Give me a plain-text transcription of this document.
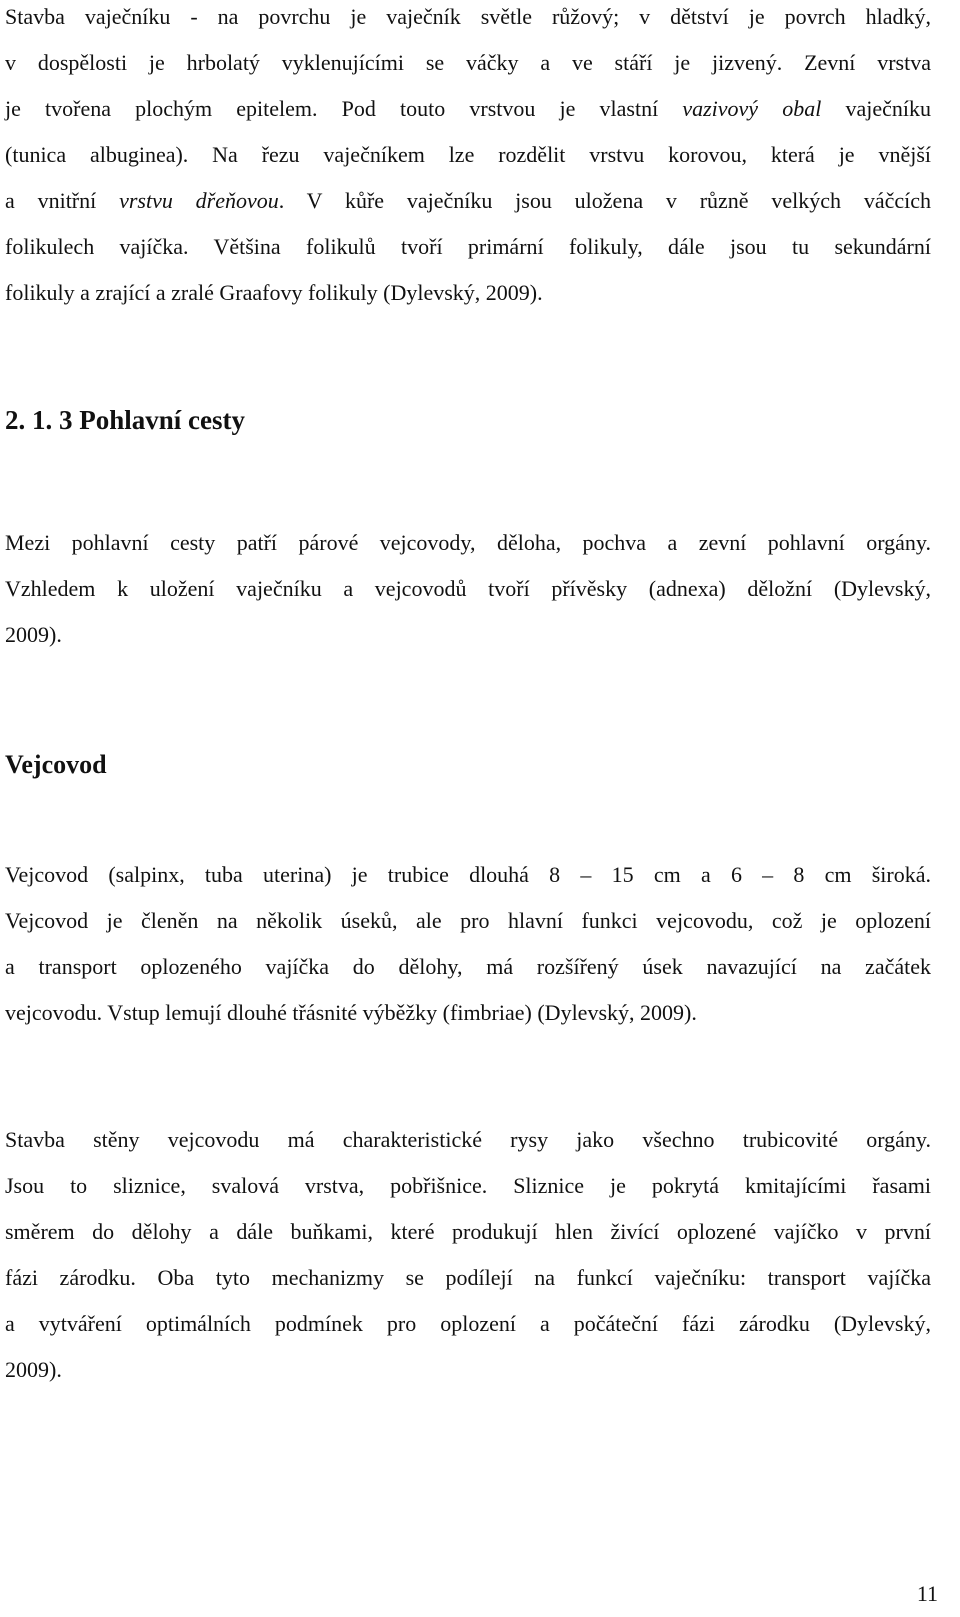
Stavba vaječníku - na povrchu je vaječník světle růžový; v dětství je povrch hladký,
v dospělosti je hrbolatý vyklenujícími se váčky a ve stáří je jizvený. Zevní vrstva
je tvořena plochým epitelem. Pod touto vrstvou je vlastní vazivový obal vaječníku
(tunica albuginea). Na řezu vaječníkem lze rozdělit vrstvu korovou, která je vnější
a vnitřní vrstvu dřeňovou. V kůře vaječníku jsou uložena v různě velkých váčcích
folikulech vajíčka. Většina folikulů tvoří primární folikuly, dále jsou tu sekundární
folikuly a zrající a zralé Graafovy folikuly (Dylevský, 2009).
2. 1. 3 Pohlavní cesty
Mezi pohlavní cesty patří párové vejcovody, děloha, pochva a zevní pohlavní orgány.
Vzhledem k uložení vaječníku a vejcovodů tvoří přívěsky (adnexa) děložní (Dylevský,
2009).
Vejcovod
Vejcovod (salpinx, tuba uterina) je trubice dlouhá 8 – 15 cm a 6 – 8 cm široká.
Vejcovod je členěn na několik úseků, ale pro hlavní funkci vejcovodu, což je oplození
a transport oplozeného vajíčka do dělohy, má rozšířený úsek navazující na začátek
vejcovodu. Vstup lemují dlouhé třásnité výběžky (fimbriae) (Dylevský, 2009).
Stavba stěny vejcovodu má charakteristické rysy jako všechno trubicovité orgány.
Jsou to sliznice, svalová vrstva, pobřišnice. Sliznice je pokrytá kmitajícími řasami
směrem do dělohy a dále buňkami, které produkují hlen živící oplozené vajíčko v první
fázi zárodku. Oba tyto mechanizmy se podílejí na funkcí vaječníku: transport vajíčka
a vytváření optimálních podmínek pro oplození a počáteční fázi zárodku (Dylevský,
2009).
11
